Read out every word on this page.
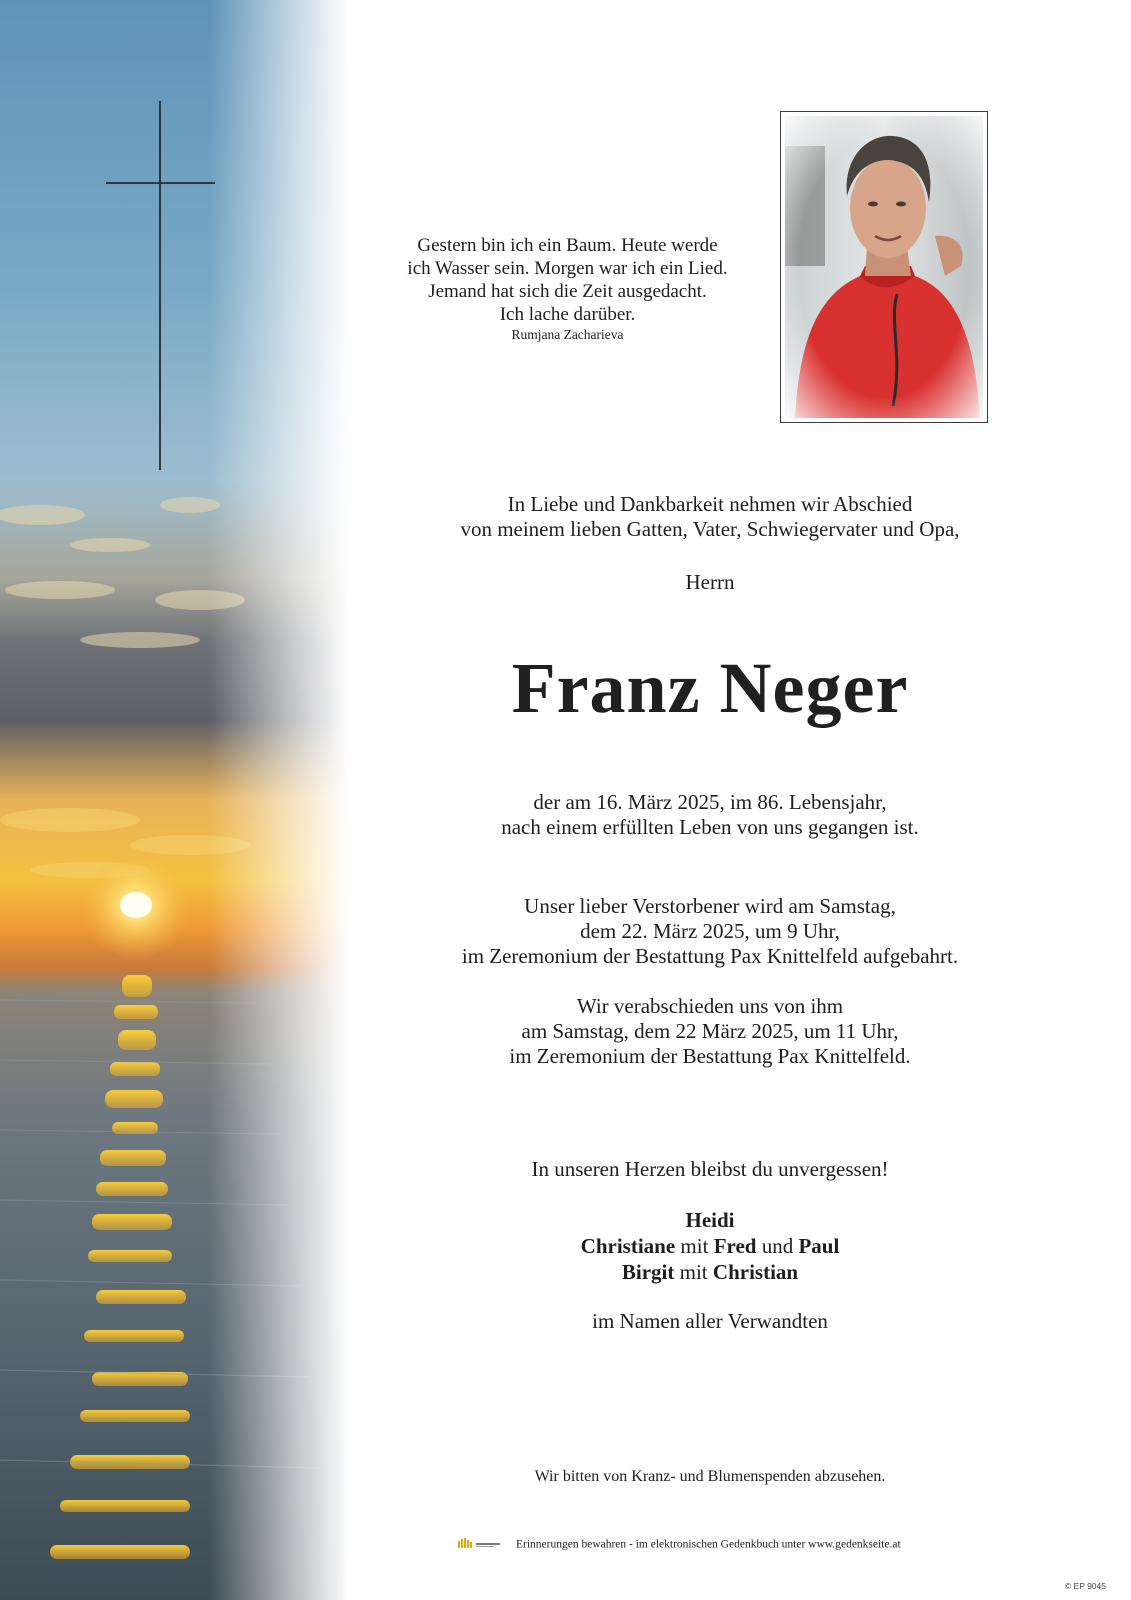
Gestern bin ich ein Baum. Heute werde
ich Wasser sein. Morgen war ich ein Lied.
Jemand hat sich die Zeit ausgedacht.
Ich lache darüber.
Rumjana Zacharieva
In Liebe und Dankbarkeit nehmen wir Abschied
von meinem lieben Gatten, Vater, Schwiegervater und Opa,
Herrn
Franz Neger
der am 16. März 2025, im 86. Lebensjahr,
nach einem erfüllten Leben von uns gegangen ist.
Unser lieber Verstorbener wird am Samstag,
dem 22. März 2025, um 9 Uhr,
im Zeremonium der Bestattung Pax Knittelfeld aufgebahrt.
Wir verabschieden uns von ihm
am Samstag, dem 22 März 2025, um 11 Uhr,
im Zeremonium der Bestattung Pax Knittelfeld.
In unseren Herzen bleibst du unvergessen!
Heidi
Christiane mit Fred und Paul
Birgit mit Christian
im Namen aller Verwandten
Wir bitten von Kranz- und Blumenspenden abzusehen.
Erinnerungen bewahren - im elektronischen Gedenkbuch unter www.gedenkseite.at
© EP 9045
